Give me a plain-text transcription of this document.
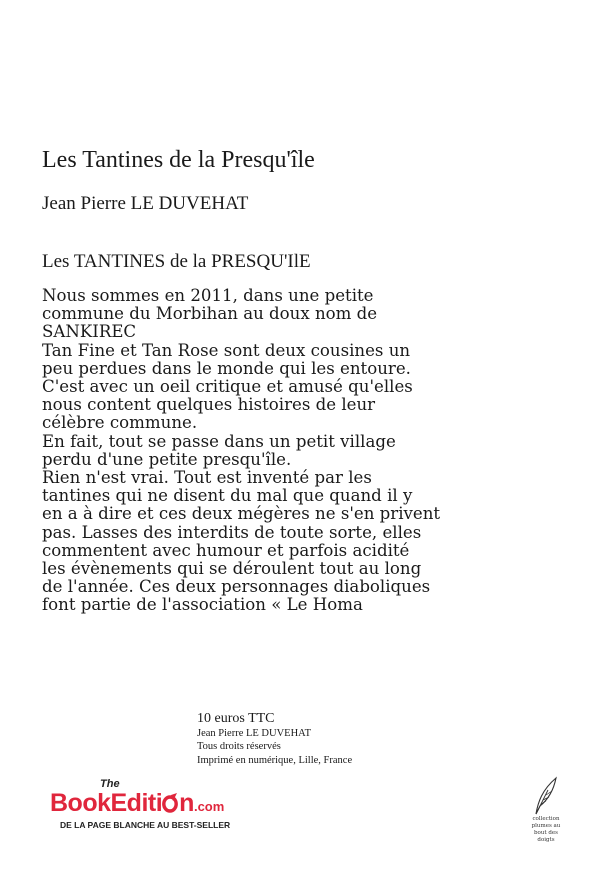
Les Tantines de la Presqu'île
Jean Pierre LE DUVEHAT
Les TANTINES de la PRESQU'IlE
Nous sommes en 2011, dans une petite
commune du Morbihan au doux nom de
SANKIREC
Tan Fine et Tan Rose sont deux cousines un
peu perdues dans le monde qui les entoure.
C'est avec un oeil critique et amusé qu'elles
nous content quelques histoires de leur
célèbre commune.
En fait, tout se passe dans un petit village
perdu d'une petite presqu'île.
Rien n'est vrai. Tout est inventé par les
tantines qui ne disent du mal que quand il y
en a à dire et ces deux mégères ne s'en privent
pas. Lasses des interdits de toute sorte, elles
commentent avec humour et parfois acidité
les évènements qui se déroulent tout au long
de l'année. Ces deux personnages diaboliques
font partie de l'association « Le Homa
10 euros TTC
Jean Pierre LE DUVEHAT
Tous droits réservés
Imprimé en numérique, Lille, France
The
BookEditi n.com
DE LA PAGE BLANCHE AU BEST-SELLER
collection
plumes au
bout des
doigts
